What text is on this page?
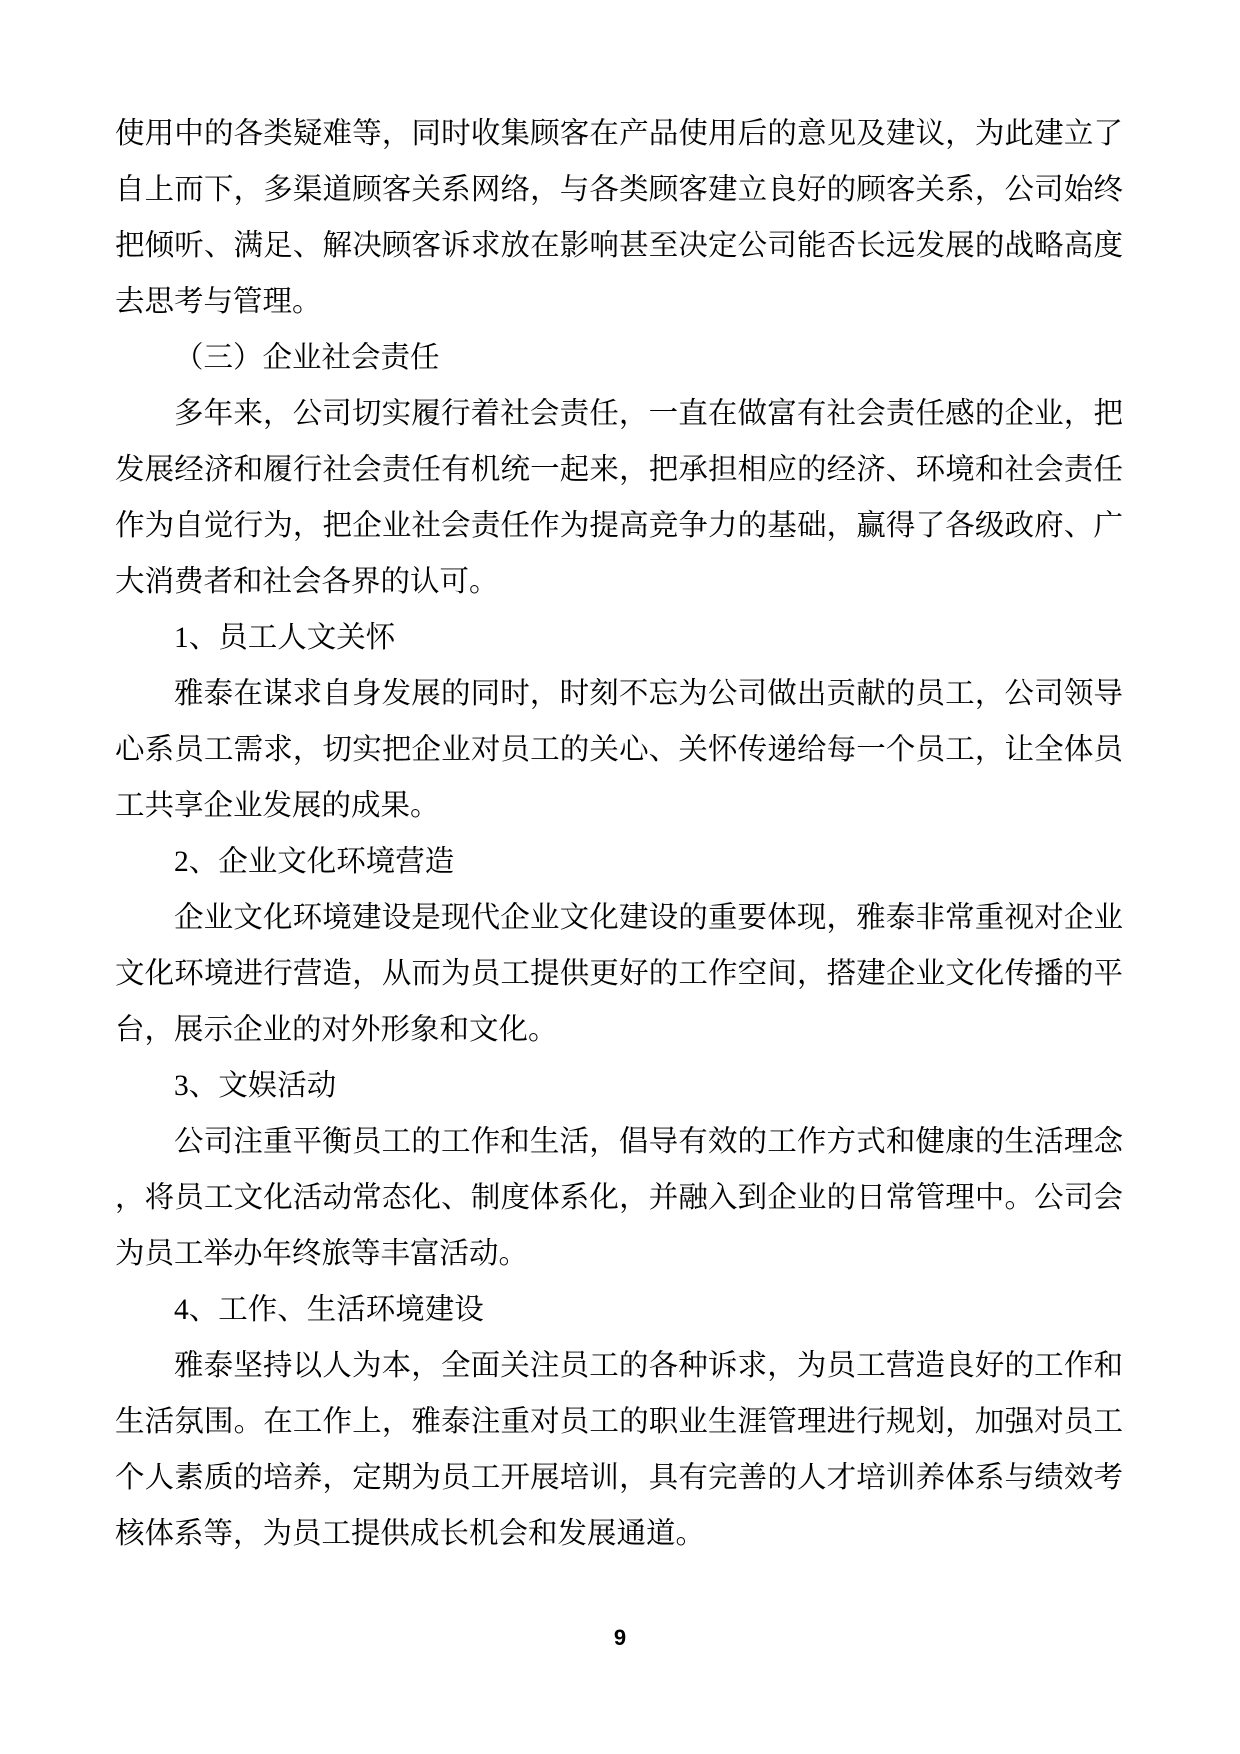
使用中的各类疑难等，同时收集顾客在产品使用后的意见及建议，为此建立了
自上而下，多渠道顾客关系网络，与各类顾客建立良好的顾客关系，公司始终
把倾听、满足、解决顾客诉求放在影响甚至决定公司能否长远发展的战略高度
去思考与管理。
（三）企业社会责任
多年来，公司切实履行着社会责任，一直在做富有社会责任感的企业，把
发展经济和履行社会责任有机统一起来，把承担相应的经济、环境和社会责任
作为自觉行为，把企业社会责任作为提高竞争力的基础，赢得了各级政府、广
大消费者和社会各界的认可。
1、员工人文关怀
雅泰在谋求自身发展的同时，时刻不忘为公司做出贡献的员工，公司领导
心系员工需求，切实把企业对员工的关心、关怀传递给每一个员工，让全体员
工共享企业发展的成果。
2、企业文化环境营造
企业文化环境建设是现代企业文化建设的重要体现，雅泰非常重视对企业
文化环境进行营造，从而为员工提供更好的工作空间，搭建企业文化传播的平
台，展示企业的对外形象和文化。
3、文娱活动
公司注重平衡员工的工作和生活，倡导有效的工作方式和健康的生活理念
，将员工文化活动常态化、制度体系化，并融入到企业的日常管理中。公司会
为员工举办年终旅等丰富活动。
4、工作、生活环境建设
雅泰坚持以人为本，全面关注员工的各种诉求，为员工营造良好的工作和
生活氛围。在工作上，雅泰注重对员工的职业生涯管理进行规划，加强对员工
个人素质的培养，定期为员工开展培训，具有完善的人才培训养体系与绩效考
核体系等，为员工提供成长机会和发展通道。
9
